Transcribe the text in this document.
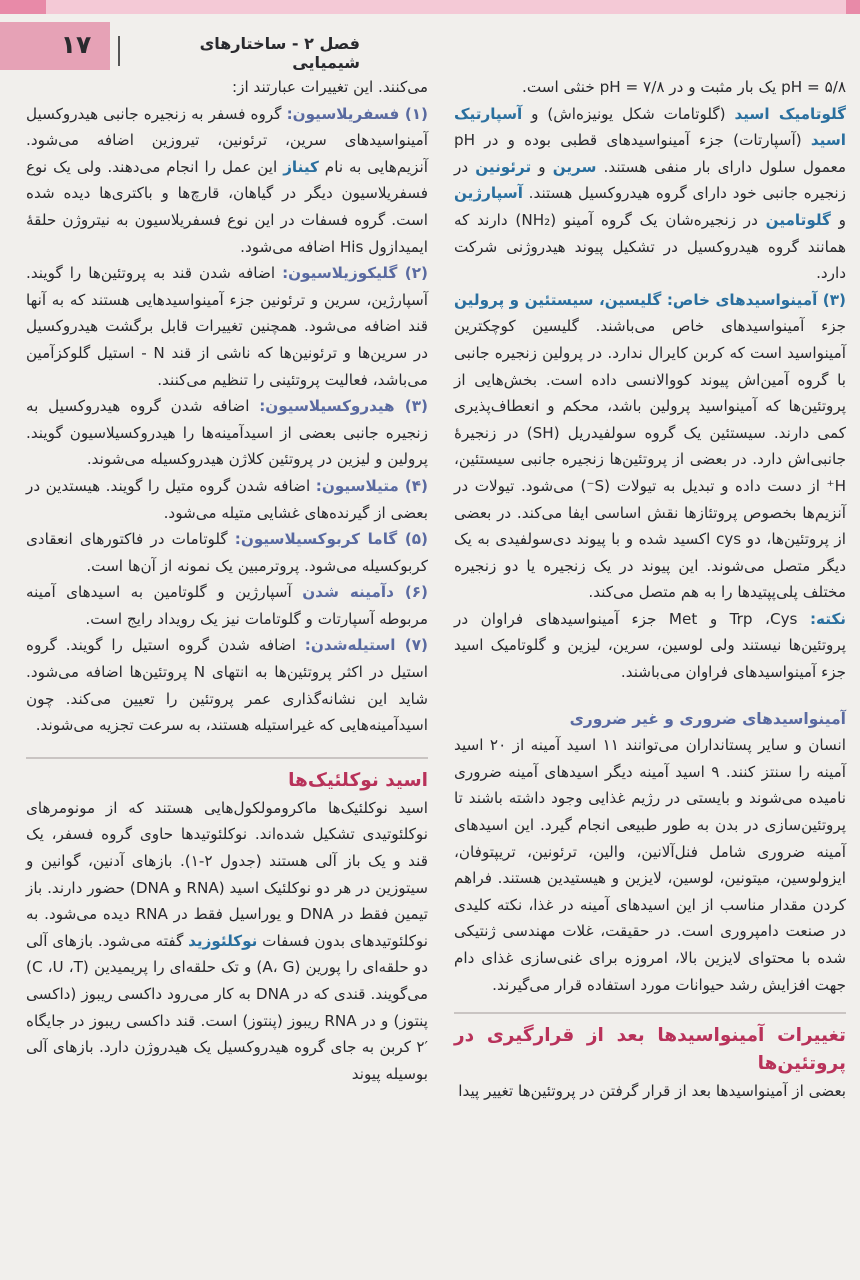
۱۷	فصل ۲ - ساختارهای شیمیایی

۵/۸ = pH یک بار مثبت و در ۷/۸ = pH خنثی است.

گلوتامیک اسید (گلوتامات شکل یونیزه‌اش) و آسپارتیک اسید (آسپارتات) جزء آمینواسیدهای قطبی بوده و در pH معمول سلول دارای بار منفی هستند. سرین و ترئونین در زنجیره جانبی خود دارای گروه هیدروکسیل هستند. آسپارژین و گلوتامین در زنجیره‌شان یک گروه آمینو (NH₂) دارند که همانند گروه هیدروکسیل در تشکیل پیوند هیدروژنی شرکت دارد.

(۳) آمینواسیدهای خاص: گلیسین، سیستئین و پرولین جزء آمینواسیدهای خاص می‌باشند. گلیسین کوچکترین آمینواسید است که کربن کایرال ندارد. در پرولین زنجیره جانبی با گروه آمین‌اش پیوند کووالانسی داده است. بخش‌هایی از پروتئین‌ها که آمینواسید پرولین باشد، محکم و انعطاف‌پذیری کمی دارند. سیستئین یک گروه سولفیدریل (SH) در زنجیرهٔ جانبی‌اش دارد. در بعضی از پروتئین‌ها زنجیره جانبی سیستئین، H⁺ از دست داده و تبدیل به تیولات (S⁻) می‌شود. تیولات در آنزیم‌ها بخصوص پروتئازها نقش اساسی ایفا می‌کند. در بعضی از پروتئین‌ها، دو cys اکسید شده و با پیوند دی‌سولفیدی به یک دیگر متصل می‌شوند. این پیوند در یک زنجیره یا دو زنجیره مختلف پلی‌پپتیدها را به هم متصل می‌کند.

نکته: Trp ،Cys و Met جزء آمینواسیدهای فراوان در پروتئین‌ها نیستند ولی لوسین، سرین، لیزین و گلوتامیک اسید جزء آمینواسیدهای فراوان می‌باشند.

آمینواسیدهای ضروری و غیر ضروری

انسان و سایر پستانداران می‌توانند ۱۱ اسید آمینه از ۲۰ اسید آمینه را سنتز کنند. ۹ اسید آمینه دیگر اسیدهای آمینه ضروری نامیده می‌شوند و بایستی در رژیم غذایی وجود داشته باشند تا پروتئین‌سازی در بدن به طور طبیعی انجام گیرد. این اسیدهای آمینه ضروری شامل فنل‌آلانین، والین، ترئونین، تریپتوفان، ایزولوسین، میتونین، لوسین، لایزین و هیستیدین هستند. فراهم کردن مقدار مناسب از این اسیدهای آمینه در غذا، نکته کلیدی در صنعت دامپروری است. در حقیقت، غلات مهندسی ژنتیکی شده با محتوای لایزین بالا، امروزه برای غنی‌سازی غذای دام جهت افزایش رشد حیوانات مورد استفاده قرار می‌گیرند.

تغییرات آمینواسیدها بعد از قرارگیری در پروتئین‌ها

بعضی از آمینواسیدها بعد از قرار گرفتن در پروتئین‌ها تغییر پیدا

می‌کنند. این تغییرات عبارتند از:

(۱) فسفریلاسیون: گروه فسفر به زنجیره جانبی هیدروکسیل آمینواسیدهای سرین، ترئونین، تیروزین اضافه می‌شود. آنزیم‌هایی به نام کیناز این عمل را انجام می‌دهند. ولی یک نوع فسفریلاسیون دیگر در گیاهان، قارچ‌ها و باکتری‌ها دیده شده است. گروه فسفات در این نوع فسفریلاسیون به نیتروژن حلقهٔ ایمیدازول His اضافه می‌شود.

(۲) گلیکوزیلاسیون: اضافه شدن قند به پروتئین‌ها را گویند. آسپارژین، سرین و ترئونین جزء آمینواسیدهایی هستند که به آنها قند اضافه می‌شود. همچنین تغییرات قابل برگشت هیدروکسیل در سرین‌ها و ترئونین‌ها که ناشی از قند N - استیل گلوکزآمین می‌باشد، فعالیت پروتئینی را تنظیم می‌کنند.

(۳) هیدروکسیلاسیون: اضافه شدن گروه هیدروکسیل به زنجیره جانبی بعضی از اسیدآمینه‌ها را هیدروکسیلاسیون گویند. پرولین و لیزین در پروتئین کلاژن هیدروکسیله می‌شوند.

(۴) متیلاسیون: اضافه شدن گروه متیل را گویند. هیستدین در بعضی از گیرنده‌های غشایی متیله می‌شود.

(۵) گاما کربوکسیلاسیون: گلوتامات در فاکتورهای انعقادی کربوکسیله می‌شود. پروترمبین یک نمونه از آن‌ها است.

(۶) دآمینه شدن آسپارژین و گلوتامین به اسیدهای آمینه مربوطه آسپارتات و گلوتامات نیز یک رویداد رایج است.

(۷) استیله‌شدن: اضافه شدن گروه استیل را گویند. گروه استیل در اکثر پروتئین‌ها به انتهای N پروتئین‌ها اضافه می‌شود. شاید این نشانه‌گذاری عمر پروتئین را تعیین می‌کند. چون اسیدآمینه‌هایی که غیراستیله هستند، به سرعت تجزیه می‌شوند.

اسید نوکلئیک‌ها

اسید نوکلئیک‌ها ماکرومولکول‌هایی هستند که از مونومرهای نوکلئوتیدی تشکیل شده‌اند. نوکلئوتیدها حاوی گروه فسفر، یک قند و یک باز آلی هستند (جدول ۲-۱). بازهای آدنین، گوانین و سیتوزین در هر دو نوکلئیک اسید (RNA و DNA) حضور دارند. باز تیمین فقط در DNA و یوراسیل فقط در RNA دیده می‌شود. به نوکلئوتیدهای بدون فسفات نوکلئوزید گفته می‌شود. بازهای آلی دو حلقه‌ای را پورین (A، G) و تک حلقه‌ای را پریمیدین (C ،U ،T) می‌گویند. قندی که در DNA به کار می‌رود داکسی ریبوز (داکسی پنتوز) و در RNA ریبوز (پنتوز) است. قند داکسی ریبوز در جایگاه ′۲ کربن به جای گروه هیدروکسیل یک هیدروژن دارد. بازهای آلی بوسیله پیوند
